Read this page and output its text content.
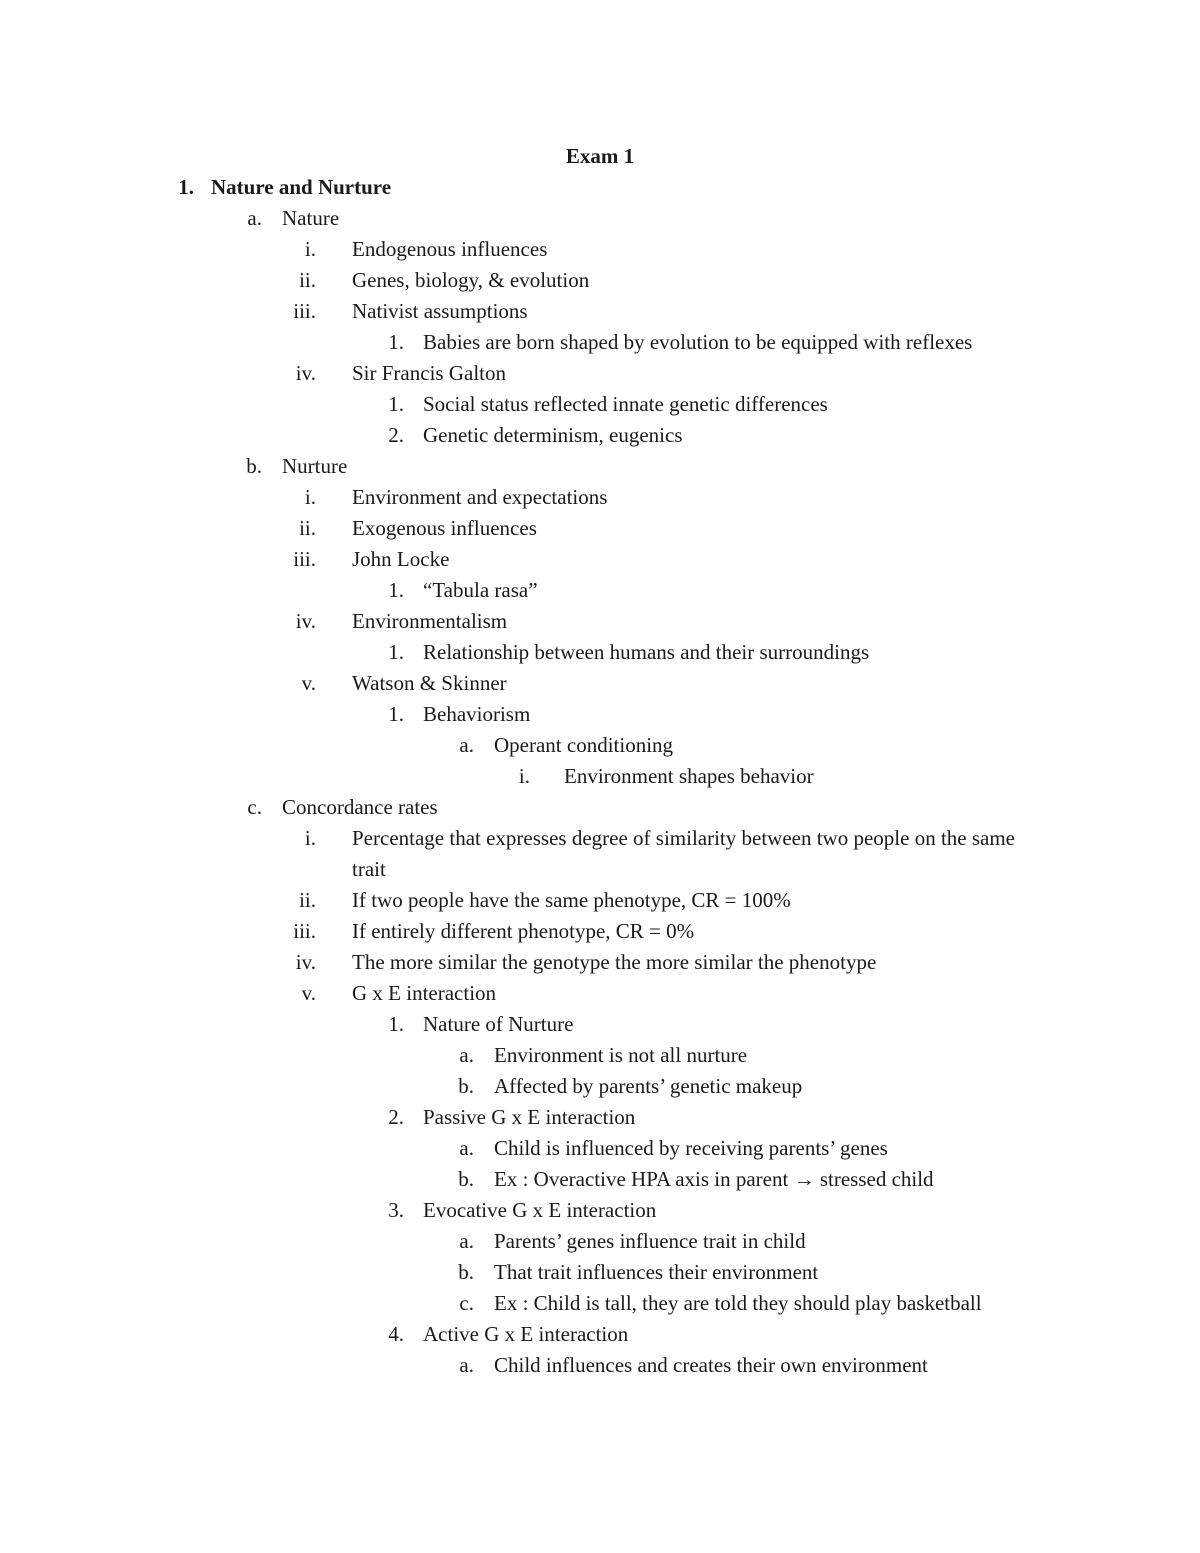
Exam 1
1. Nature and Nurture
a. Nature
i. Endogenous influences
ii. Genes, biology, & evolution
iii. Nativist assumptions
1. Babies are born shaped by evolution to be equipped with reflexes
iv. Sir Francis Galton
1. Social status reflected innate genetic differences
2. Genetic determinism, eugenics
b. Nurture
i. Environment and expectations
ii. Exogenous influences
iii. John Locke
1. “Tabula rasa”
iv. Environmentalism
1. Relationship between humans and their surroundings
v. Watson & Skinner
1. Behaviorism
a. Operant conditioning
i. Environment shapes behavior
c. Concordance rates
i. Percentage that expresses degree of similarity between two people on the same trait
ii. If two people have the same phenotype, CR = 100%
iii. If entirely different phenotype, CR = 0%
iv. The more similar the genotype the more similar the phenotype
v. G x E interaction
1. Nature of Nurture
a. Environment is not all nurture
b. Affected by parents’ genetic makeup
2. Passive G x E interaction
a. Child is influenced by receiving parents’ genes
b. Ex : Overactive HPA axis in parent → stressed child
3. Evocative G x E interaction
a. Parents’ genes influence trait in child
b. That trait influences their environment
c. Ex : Child is tall, they are told they should play basketball
4. Active G x E interaction
a. Child influences and creates their own environment
